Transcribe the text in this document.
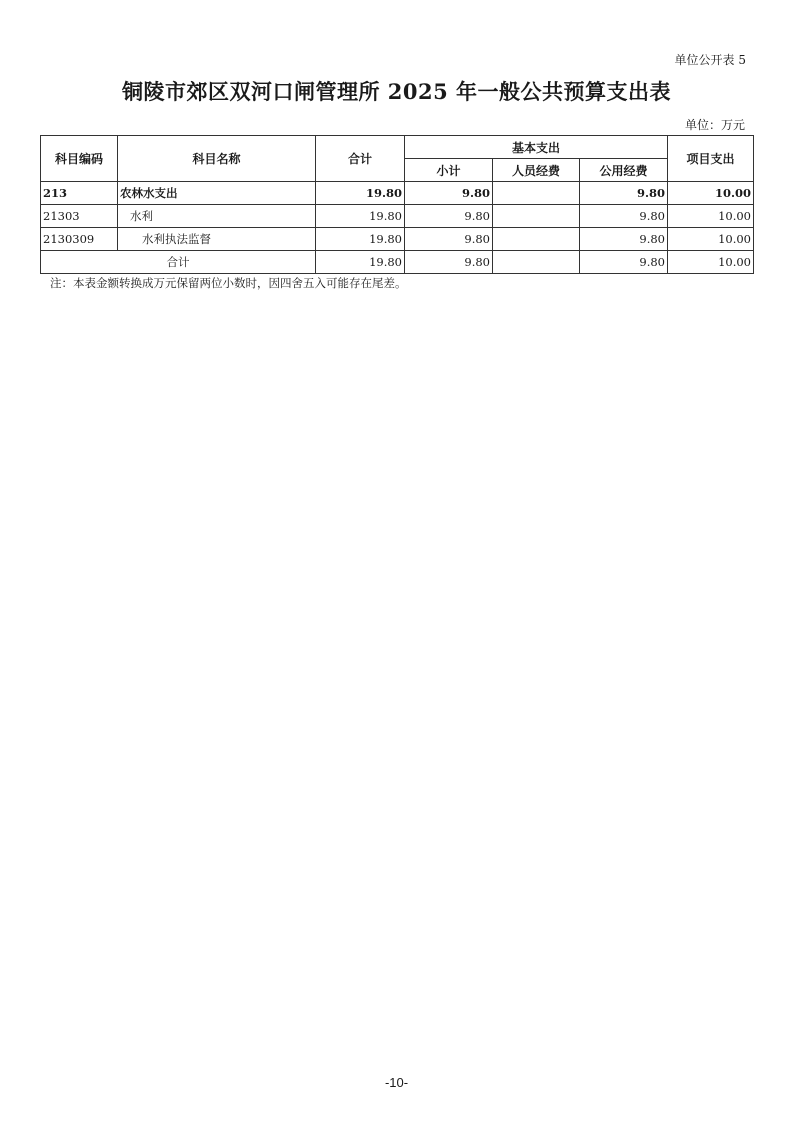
单位公开表 5
铜陵市郊区双河口闸管理所 2025 年一般公共预算支出表
单位：万元
科目编码	科目名称	合计	基本支出			项目支出
			小计	人员经费	公用经费	
213	农林水支出	19.80	9.80		9.80	10.00
21303	水利	19.80	9.80		9.80	10.00
2130309	水利执法监督	19.80	9.80		9.80	10.00
合计		19.80	9.80		9.80	10.00
注：本表金额转换成万元保留两位小数时，因四舍五入可能存在尾差。
-10-
